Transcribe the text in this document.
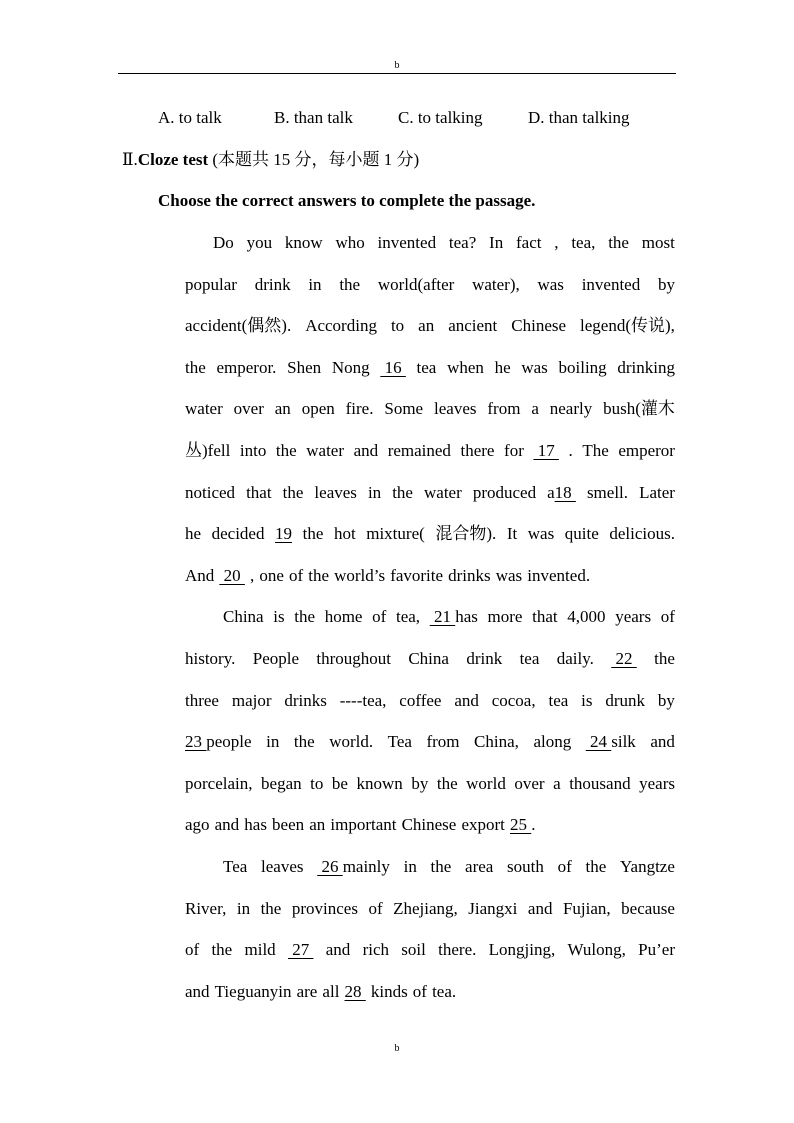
b
A. to talk	B. than talk	C. to talking	D. than talking
Ⅱ.Cloze test (本题共 15 分，每小题 1 分)
Choose the correct answers to complete the passage.
Do you know who invented tea? In fact , tea, the most
popular drink in the world(after water), was invented by
accident(偶然). According to an ancient Chinese legend(传说),
the emperor. Shen Nong 16 tea when he was boiling drinking
water over an open fire. Some leaves from a nearly bush(灌木
丛)fell into the water and remained there for 17 . The emperor
noticed that the leaves in the water produced a18 smell. Later
he decided 19 the hot mixture( 混合物). It was quite delicious.
And 20 , one of the world’s favorite drinks was invented.
China is the home of tea, 21 has more that 4,000 years of
history. People throughout China drink tea daily. 22 the
three major drinks ----tea, coffee and cocoa, tea is drunk by
23 people in the world. Tea from China, along 24 silk and
porcelain, began to be known by the world over a thousand years
ago and has been an important Chinese export 25 .
Tea leaves 26 mainly in the area south of the Yangtze
River, in the provinces of Zhejiang, Jiangxi and Fujian, because
of the mild 27 and rich soil there. Longjing, Wulong, Pu’er
and Tieguanyin are all 28 kinds of tea.
b
